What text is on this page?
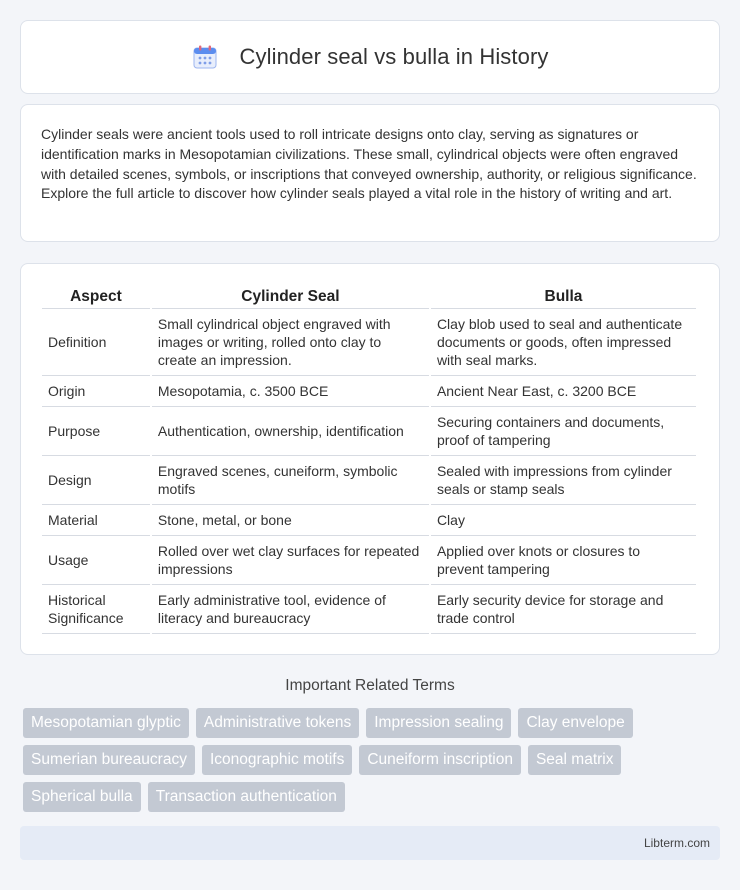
Cylinder seal vs bulla in History

Cylinder seals were ancient tools used to roll intricate designs onto clay, serving as signatures or identification marks in Mesopotamian civilizations. These small, cylindrical objects were often engraved with detailed scenes, symbols, or inscriptions that conveyed ownership, authority, or religious significance. Explore the full article to discover how cylinder seals played a vital role in the history of writing and art.

Aspect	Cylinder Seal	Bulla
Definition	Small cylindrical object engraved with images or writing, rolled onto clay to create an impression.	Clay blob used to seal and authenticate documents or goods, often impressed with seal marks.
Origin	Mesopotamia, c. 3500 BCE	Ancient Near East, c. 3200 BCE
Purpose	Authentication, ownership, identification	Securing containers and documents, proof of tampering
Design	Engraved scenes, cuneiform, symbolic motifs	Sealed with impressions from cylinder seals or stamp seals
Material	Stone, metal, or bone	Clay
Usage	Rolled over wet clay surfaces for repeated impressions	Applied over knots or closures to prevent tampering
Historical Significance	Early administrative tool, evidence of literacy and bureaucracy	Early security device for storage and trade control
Important Related Terms
Mesopotamian glyptic	Administrative tokens	Impression sealing	Clay envelope
Sumerian bureaucracy	Iconographic motifs	Cuneiform inscription	Seal matrix
Spherical bulla	Transaction authentication
Libterm.com
